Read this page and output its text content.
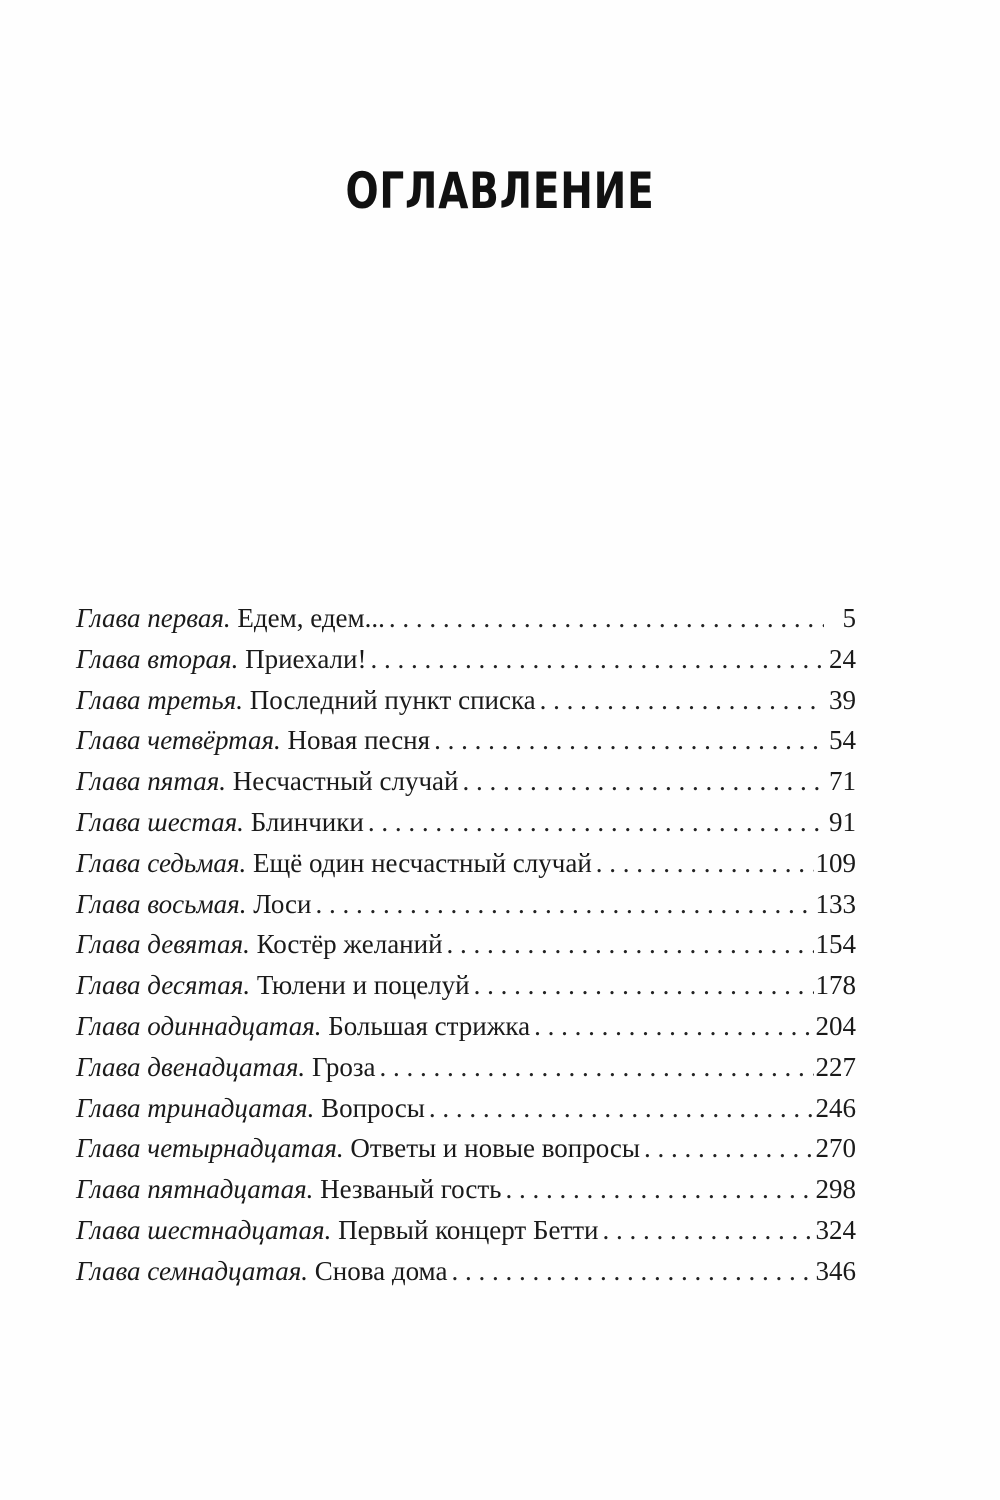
ОГЛАВЛЕНИЕ
Глава первая. Едем, едем... . . .	5
Глава вторая. Приехали! . . .	24
Глава третья. Последний пункт списка . . .	39
Глава четвёртая. Новая песня . . .	54
Глава пятая. Несчастный случай . . .	71
Глава шестая. Блинчики . . .	91
Глава седьмая. Ещё один несчастный случай . . .	109
Глава восьмая. Лоси . . .	133
Глава девятая. Костёр желаний . . .	154
Глава десятая. Тюлени и поцелуй . . .	178
Глава одиннадцатая. Большая стрижка . . .	204
Глава двенадцатая. Гроза . . .	227
Глава тринадцатая. Вопросы . . .	246
Глава четырнадцатая. Ответы и новые вопросы . . .	270
Глава пятнадцатая. Незваный гость . . .	298
Глава шестнадцатая. Первый концерт Бетти . . .	324
Глава семнадцатая. Снова дома . . .	346
